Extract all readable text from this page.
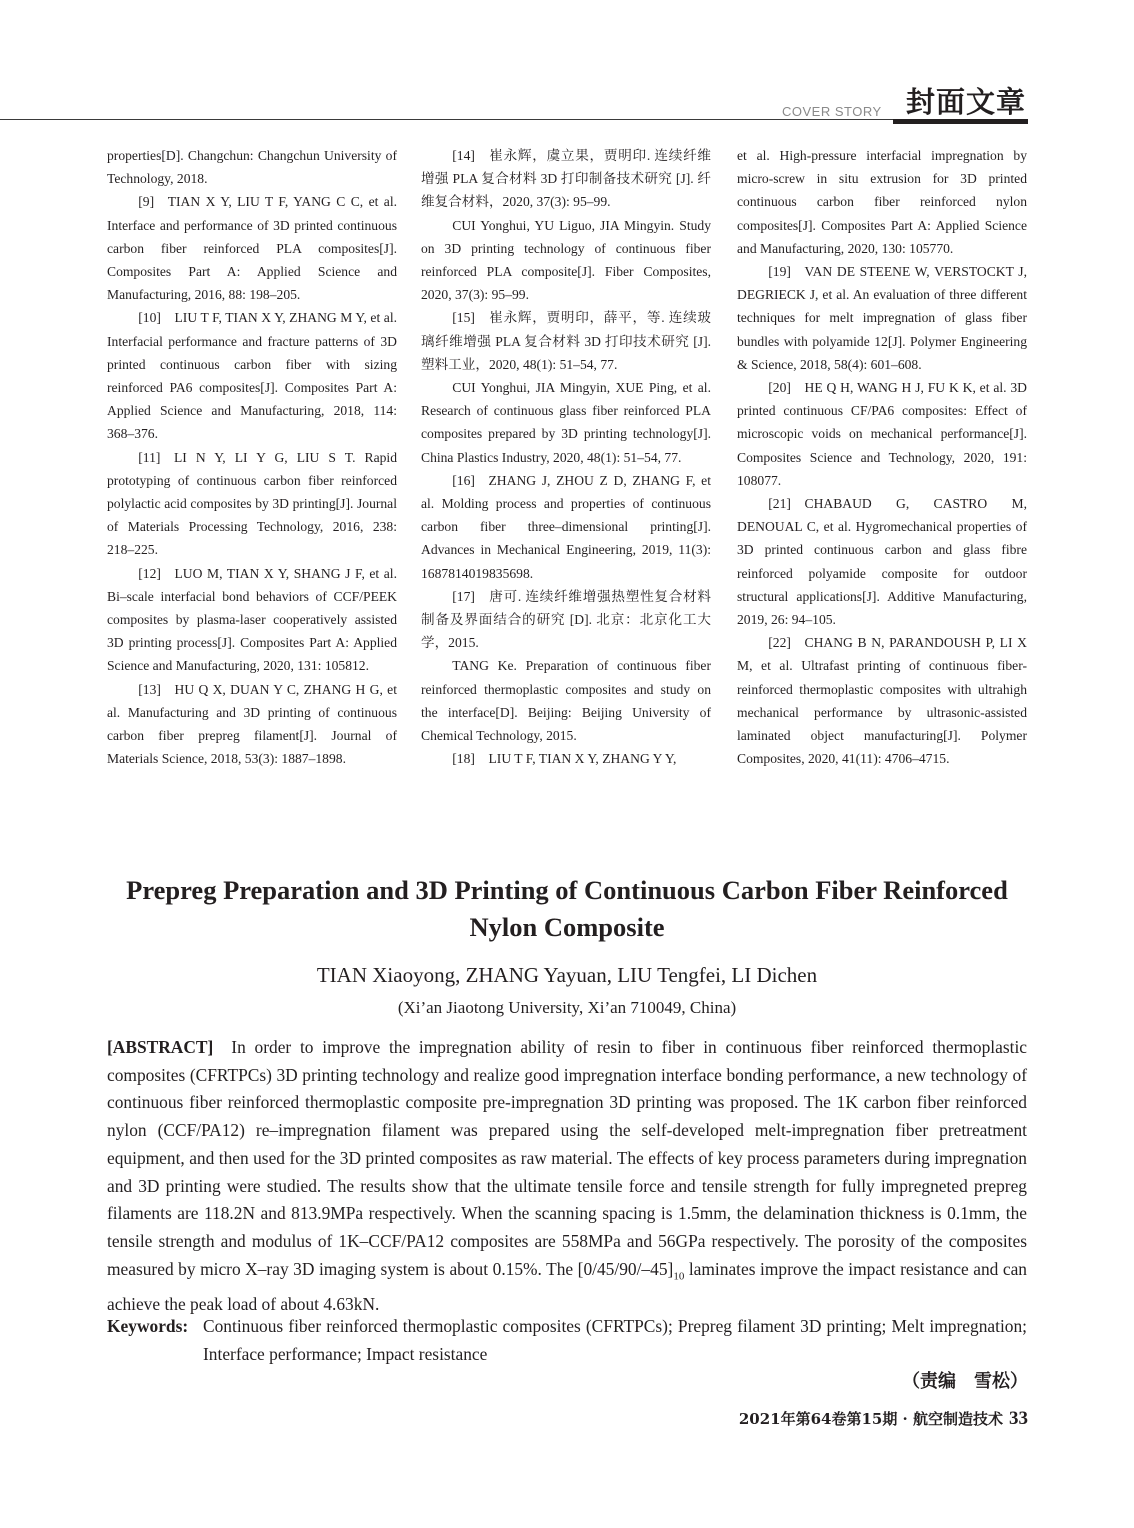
COVER STORY 封面文章

properties[D]. Changchun: Changchun University of Technology, 2018.

[9] TIAN X Y, LIU T F, YANG C C, et al. Interface and performance of 3D printed continuous carbon fiber reinforced PLA composites[J]. Composites Part A: Applied Science and Manufacturing, 2016, 88: 198–205.

[10] LIU T F, TIAN X Y, ZHANG M Y, et al. Interfacial performance and fracture patterns of 3D printed continuous carbon fiber with sizing reinforced PA6 composites[J]. Composites Part A: Applied Science and Manufacturing, 2018, 114: 368–376.

[11] LI N Y, LI Y G, LIU S T. Rapid prototyping of continuous carbon fiber reinforced polylactic acid composites by 3D printing[J]. Journal of Materials Processing Technology, 2016, 238: 218–225.

[12] LUO M, TIAN X Y, SHANG J F, et al. Bi–scale interfacial bond behaviors of CCF/PEEK composites by plasma-laser cooperatively assisted 3D printing process[J]. Composites Part A: Applied Science and Manufacturing, 2020, 131: 105812.

[13] HU Q X, DUAN Y C, ZHANG H G, et al. Manufacturing and 3D printing of continuous carbon fiber prepreg filament[J]. Journal of Materials Science, 2018, 53(3): 1887–1898.

[14] 崔永辉，虞立果，贾明印. 连续纤维增强 PLA 复合材料 3D 打印制备技术研究 [J]. 纤维复合材料，2020, 37(3): 95–99.

CUI Yonghui, YU Liguo, JIA Mingyin. Study on 3D printing technology of continuous fiber reinforced PLA composite[J]. Fiber Composites, 2020, 37(3): 95–99.

[15] 崔永辉，贾明印，薛平，等. 连续玻璃纤维增强 PLA 复合材料 3D 打印技术研究 [J]. 塑料工业，2020, 48(1): 51–54, 77.

CUI Yonghui, JIA Mingyin, XUE Ping, et al. Research of continuous glass fiber reinforced PLA composites prepared by 3D printing technology[J]. China Plastics Industry, 2020, 48(1): 51–54, 77.

[16] ZHANG J, ZHOU Z D, ZHANG F, et al. Molding process and properties of continuous carbon fiber three–dimensional printing[J]. Advances in Mechanical Engineering, 2019, 11(3): 1687814019835698.

[17] 唐可. 连续纤维增强热塑性复合材料制备及界面结合的研究 [D]. 北京：北京化工大学，2015.

TANG Ke. Preparation of continuous fiber reinforced thermoplastic composites and study on the interface[D]. Beijing: Beijing University of Chemical Technology, 2015.

[18] LIU T F, TIAN X Y, ZHANG Y Y,

et al. High-pressure interfacial impregnation by micro-screw in situ extrusion for 3D printed continuous carbon fiber reinforced nylon composites[J]. Composites Part A: Applied Science and Manufacturing, 2020, 130: 105770.

[19] VAN DE STEENE W, VERSTOCKT J, DEGRIECK J, et al. An evaluation of three different techniques for melt impregnation of glass fiber bundles with polyamide 12[J]. Polymer Engineering & Science, 2018, 58(4): 601–608.

[20] HE Q H, WANG H J, FU K K, et al. 3D printed continuous CF/PA6 composites: Effect of microscopic voids on mechanical performance[J]. Composites Science and Technology, 2020, 191: 108077.

[21] CHABAUD G, CASTRO M, DENOUAL C, et al. Hygromechanical properties of 3D printed continuous carbon and glass fibre reinforced polyamide composite for outdoor structural applications[J]. Additive Manufacturing, 2019, 26: 94–105.

[22] CHANG B N, PARANDOUSH P, LI X M, et al. Ultrafast printing of continuous fiber-reinforced thermoplastic composites with ultrahigh mechanical performance by ultrasonic-assisted laminated object manufacturing[J]. Polymer Composites, 2020, 41(11): 4706–4715.

Prepreg Preparation and 3D Printing of Continuous Carbon Fiber Reinforced Nylon Composite
TIAN Xiaoyong, ZHANG Yayuan, LIU Tengfei, LI Dichen
(Xi’an Jiaotong University, Xi’an 710049, China)

[ABSTRACT] In order to improve the impregnation ability of resin to fiber in continuous fiber reinforced thermoplastic composites (CFRTPCs) 3D printing technology and realize good impregnation interface bonding performance, a new technology of continuous fiber reinforced thermoplastic composite pre-impregnation 3D printing was proposed. The 1K carbon fiber reinforced nylon (CCF/PA12) re–impregnation filament was prepared using the self-developed melt-impregnation fiber pretreatment equipment, and then used for the 3D printed composites as raw material. The effects of key process parameters during impregnation and 3D printing were studied. The results show that the ultimate tensile force and tensile strength for fully impregneted prepreg filaments are 118.2N and 813.9MPa respectively. When the scanning spacing is 1.5mm, the delamination thickness is 0.1mm, the tensile strength and modulus of 1K–CCF/PA12 composites are 558MPa and 56GPa respectively. The porosity of the composites measured by micro X–ray 3D imaging system is about 0.15%. The $[0/45/90/-45]_{10}$ laminates improve the impact resistance and can achieve the peak load of about 4.63kN.

Keywords: Continuous fiber reinforced thermoplastic composites (CFRTPCs); Prepreg filament 3D printing; Melt impregnation; Interface performance; Impact resistance
（责编 雪松）
2021年第64卷第15期 · 航空制造技术 33
